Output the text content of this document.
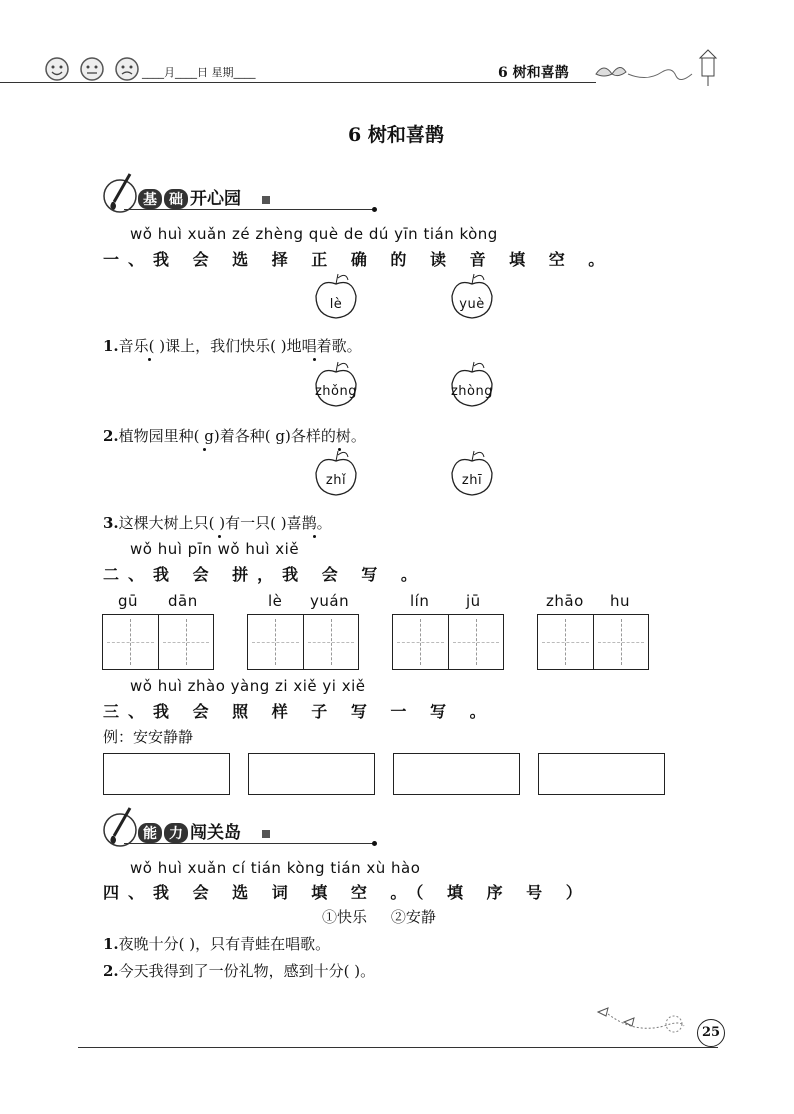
____月____日 星期____	6 树和喜鹊
6 树和喜鹊
基 础 开心园
wǒ huì xuǎn zé zhèng què de dú yīn tián kòng
一、我 会 选 择 正 确 的 读 音 填 空 。
lè	yuè
1.音乐( )课上，我们快乐( )地唱着歌。
zhǒng	zhòng
2.植物园里种( g)着各种( g)各样的树。
zhǐ	zhī
3.这棵大树上只( )有一只( )喜鹊。
wǒ huì pīn wǒ huì xiě
二、我 会 拼，我 会 写 。
gū dān	lè yuán	lín jū	zhāo hu
wǒ huì zhào yàng zi xiě yi xiě
三、我 会 照 样 子 写 一 写 。
例：安安静静
能 力 闯关岛
wǒ huì xuǎn cí tián kòng tián xù hào
四、我 会 选 词 填 空 。（ 填 序 号 ）
①快乐     ②安静
1.夜晚十分( )，只有青蛙在唱歌。
2.今天我得到了一份礼物，感到十分( )。
25
